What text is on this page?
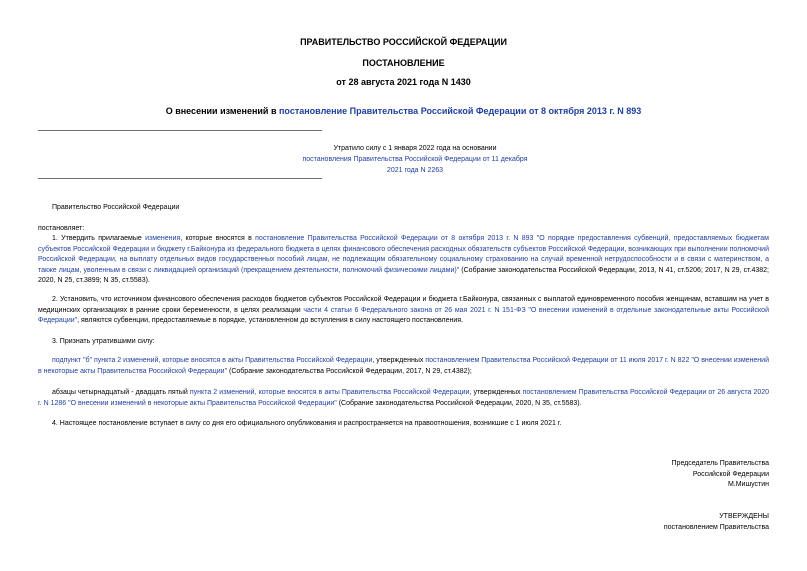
ПРАВИТЕЛЬСТВО РОССИЙСКОЙ ФЕДЕРАЦИИ
ПОСТАНОВЛЕНИЕ
от 28 августа 2021 года N 1430
О внесении изменений в постановление Правительства Российской Федерации от 8 октября 2013 г. N 893
Утратило силу с 1 января 2022 года на основании
постановления Правительства Российской Федерации от 11 декабря 2021 года N 2263
Правительство Российской Федерации
постановляет:
1. Утвердить прилагаемые изменения, которые вносятся в постановление Правительства Российской Федерации от 8 октября 2013 г. N 893 "О порядке предоставления субвенций, предоставляемых бюджетам субъектов Российской Федерации и бюджету г.Байконура из федерального бюджета в целях финансового обеспечения расходных обязательств субъектов Российской Федерации, возникающих при выполнении полномочий Российской Федерации, на выплату отдельных видов государственных пособий лицам, не подлежащим обязательному социальному страхованию на случай временной нетрудоспособности и в связи с материнством, а также лицам, уволенным в связи с ликвидацией организаций (прекращением деятельности, полномочий физическими лицами)" (Собрание законодательства Российской Федерации, 2013, N 41, ст.5206; 2017, N 29, ст.4382; 2020, N 25, ст.3899; N 35, ст.5583).
2. Установить, что источником финансового обеспечения расходов бюджетов субъектов Российской Федерации и бюджета г.Байконура, связанных с выплатой единовременного пособия женщинам, вставшим на учет в медицинских организациях в ранние сроки беременности, в целях реализации части 4 статьи 6 Федерального закона от 26 мая 2021 г. N 151-ФЗ "О внесении изменений в отдельные законодательные акты Российской Федерации", являются субвенции, предоставляемые в порядке, установленном до вступления в силу настоящего постановления.
3. Признать утратившими силу:
подпункт "б" пункта 2 изменений, которые вносятся в акты Правительства Российской Федерации, утвержденных постановлением Правительства Российской Федерации от 11 июля 2017 г. N 822 "О внесении изменений в некоторые акты Правительства Российской Федерации" (Собрание законодательства Российской Федерации, 2017, N 29, ст.4382);
абзацы четырнадцатый - двадцать пятый пункта 2 изменений, которые вносятся в акты Правительства Российской Федерации, утвержденных постановлением Правительства Российской Федерации от 26 августа 2020 г. N 1286 "О внесении изменений в некоторые акты Правительства Российской Федерации" (Собрание законодательства Российской Федерации, 2020, N 35, ст.5583).
4. Настоящее постановление вступает в силу со дня его официального опубликования и распространяется на правоотношения, возникшие с 1 июля 2021 г.
Председатель Правительства
Российской Федерации
М.Мишустин
УТВЕРЖДЕНЫ
постановлением Правительства
